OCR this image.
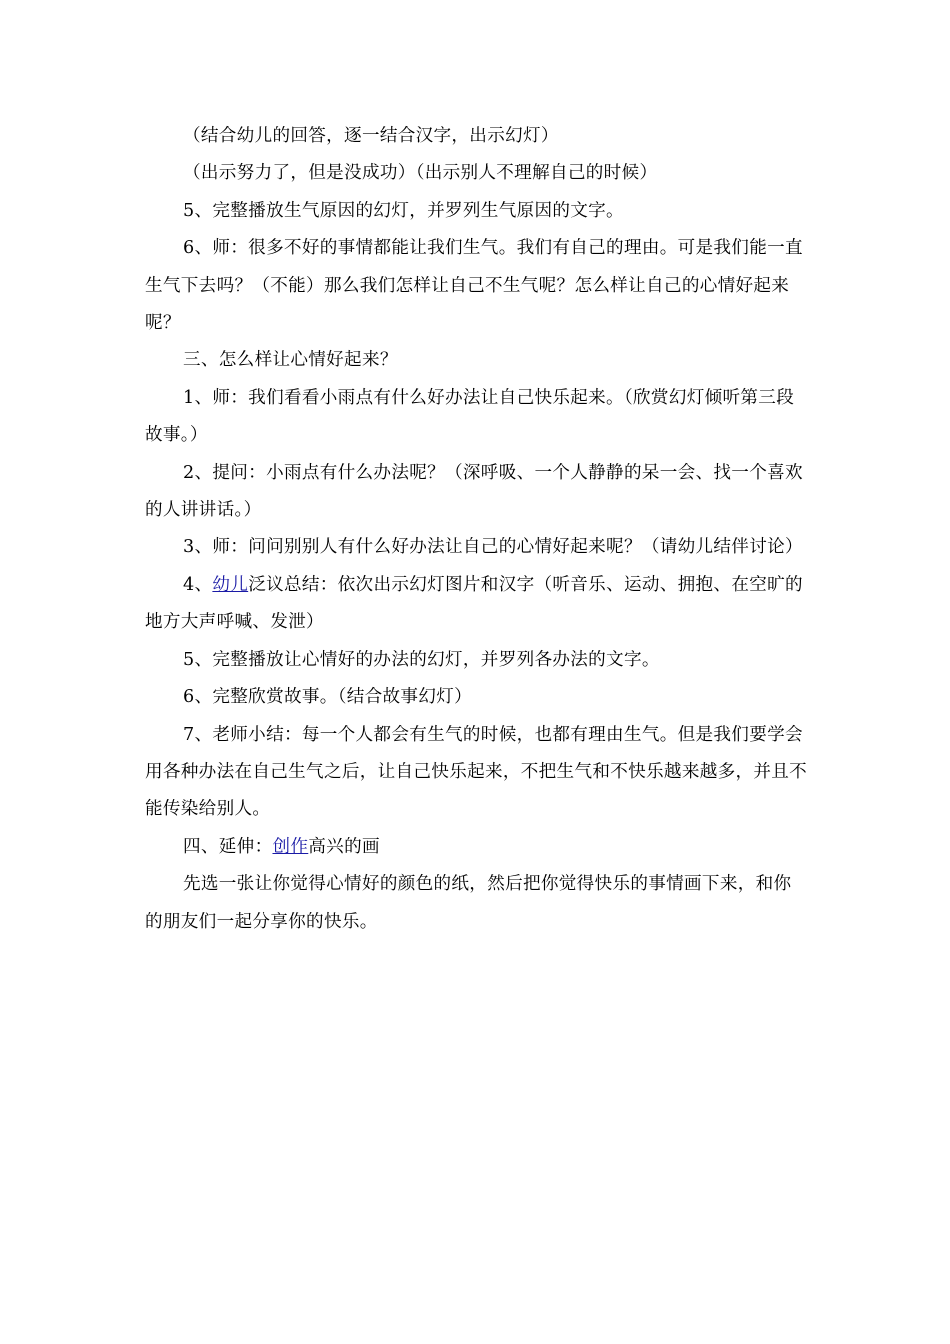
（结合幼儿的回答，逐一结合汉字，出示幻灯）

（出示努力了，但是没成功）（出示别人不理解自己的时候）

5、完整播放生气原因的幻灯，并罗列生气原因的文字。

6、师：很多不好的事情都能让我们生气。我们有自己的理由。可是我们能一直生气下去吗？（不能）那么我们怎样让自己不生气呢？怎么样让自己的心情好起来呢？

三、怎么样让心情好起来？

1、师：我们看看小雨点有什么好办法让自己快乐起来。（欣赏幻灯倾听第三段故事。）

2、提问：小雨点有什么办法呢？（深呼吸、一个人静静的呆一会、找一个喜欢的人讲讲话。）

3、师：问问别别人有什么好办法让自己的心情好起来呢？（请幼儿结伴讨论）

4、幼儿泛议总结：依次出示幻灯图片和汉字（听音乐、运动、拥抱、在空旷的地方大声呼喊、发泄）

5、完整播放让心情好的办法的幻灯，并罗列各办法的文字。

6、完整欣赏故事。（结合故事幻灯）

7、老师小结：每一个人都会有生气的时候，也都有理由生气。但是我们要学会用各种办法在自己生气之后，让自己快乐起来，不把生气和不快乐越来越多，并且不能传染给别人。

四、延伸：创作高兴的画

先选一张让你觉得心情好的颜色的纸，然后把你觉得快乐的事情画下来，和你的朋友们一起分享你的快乐。
